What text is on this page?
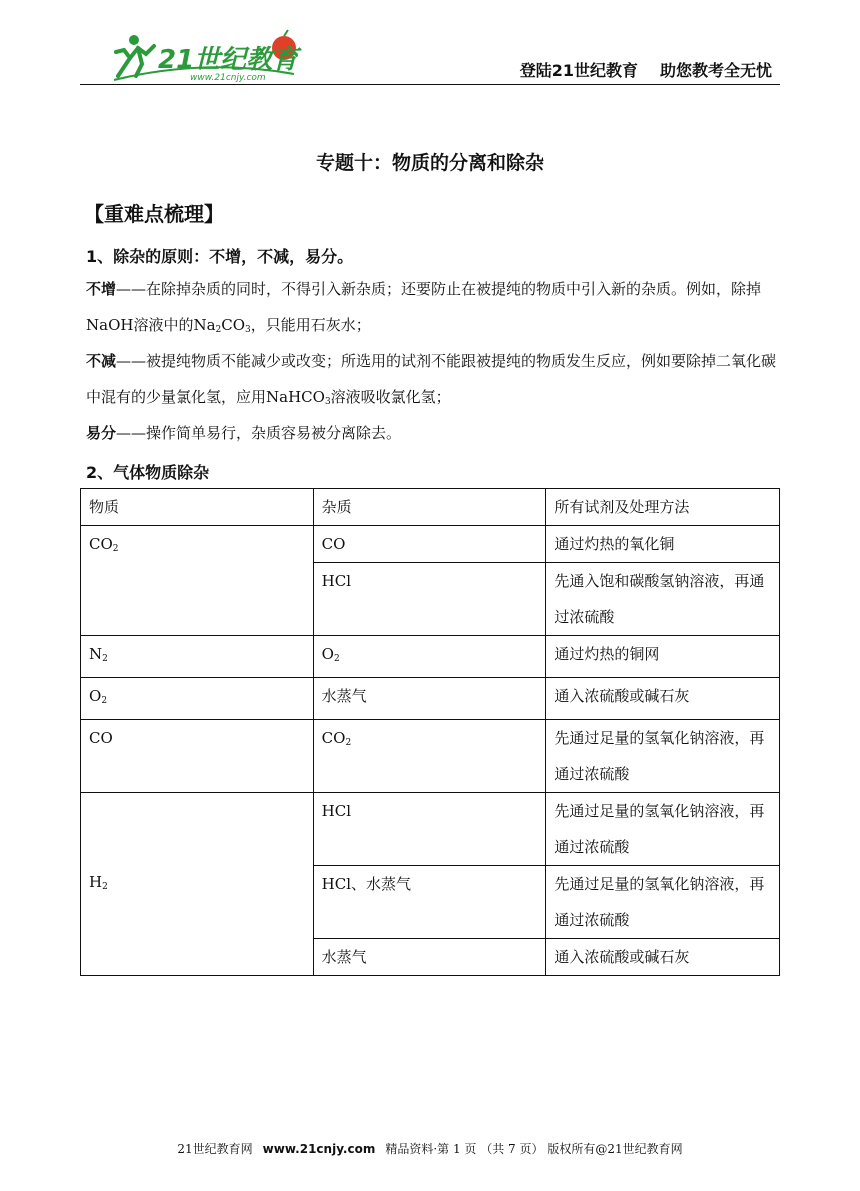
21世纪教育
www.21cnjy.com	登陆21世纪教育 助您教考全无忧
专题十：物质的分离和除杂
【重难点梳理】
1、除杂的原则：不增，不减，易分。
不增——在除掉杂质的同时，不得引入新杂质；还要防止在被提纯的物质中引入新的杂质。例如，除掉NaOH溶液中的$Na_2CO_3$，只能用石灰水；
不减——被提纯物质不能减少或改变；所选用的试剂不能跟被提纯的物质发生反应，例如要除掉二氧化碳中混有的少量氯化氢，应用NaHCO$_3$溶液吸收氯化氢；
易分——操作简单易行，杂质容易被分离除去。
2、气体物质除杂
物质	杂质	所有试剂及处理方法
$CO_2$	CO	通过灼热的氧化铜
	HCl	先通入饱和碳酸氢钠溶液，再通过浓硫酸
$N_2$	$O_2$	通过灼热的铜网
$O_2$	水蒸气	通入浓硫酸或碱石灰
CO	$CO_2$	先通过足量的氢氧化钠溶液，再通过浓硫酸
$H_2$	HCl	先通过足量的氢氧化钠溶液，再通过浓硫酸
	HCl、水蒸气	先通过足量的氢氧化钠溶液，再通过浓硫酸
	水蒸气	通入浓硫酸或碱石灰
21世纪教育网 www.21cnjy.com 精品资料·第 1 页 （共 7 页） 版权所有@21世纪教育网
